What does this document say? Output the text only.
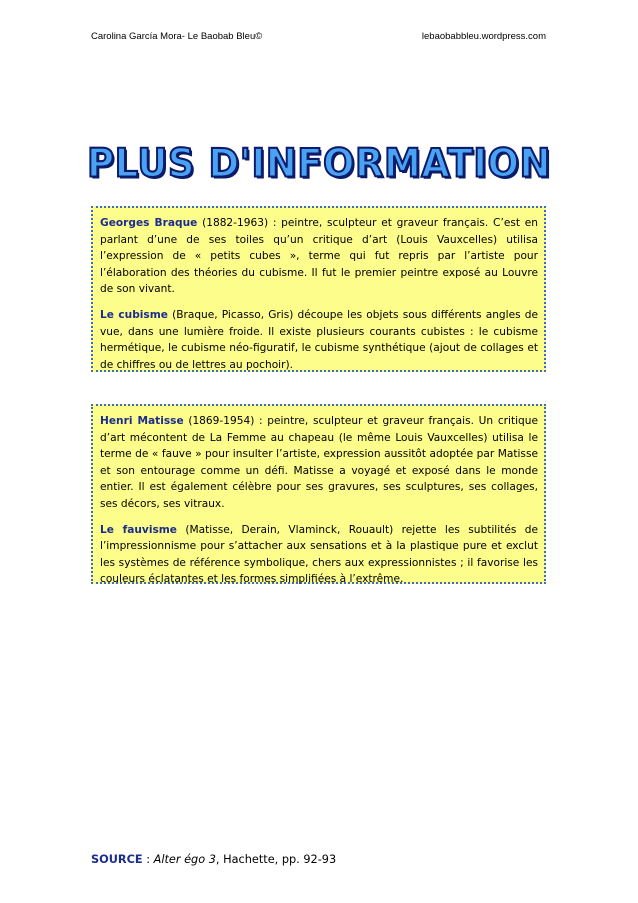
Carolina García Mora- Le Baobab Bleu©	lebaobabbleu.wordpress.com
PLUS D'INFORMATION

Georges Braque (1882-1963) : peintre, sculpteur et graveur français. C’est en parlant d’une de ses toiles qu’un critique d’art (Louis Vauxcelles) utilisa l’expression de « petits cubes », terme qui fut repris par l’artiste pour l’élaboration des théories du cubisme. Il fut le premier peintre exposé au Louvre de son vivant.

Le cubisme (Braque, Picasso, Gris) découpe les objets sous différents angles de vue, dans une lumière froide. Il existe plusieurs courants cubistes : le cubisme hermétique, le cubisme néo-figuratif, le cubisme synthétique (ajout de collages et de chiffres ou de lettres au pochoir).

Henri Matisse (1869-1954) : peintre, sculpteur et graveur français. Un critique d’art mécontent de La Femme au chapeau (le même Louis Vauxcelles) utilisa le terme de « fauve » pour insulter l’artiste, expression aussitôt adoptée par Matisse et son entourage comme un défi. Matisse a voyagé et exposé dans le monde entier. Il est également célèbre pour ses gravures, ses sculptures, ses collages, ses décors, ses vitraux.

Le fauvisme (Matisse, Derain, Vlaminck, Rouault) rejette les subtilités de l’impressionnisme pour s’attacher aux sensations et à la plastique pure et exclut les systèmes de référence symbolique, chers aux expressionnistes ; il favorise les couleurs éclatantes et les formes simplifiées à l’extrême.

SOURCE : Alter égo 3, Hachette, pp. 92-93
